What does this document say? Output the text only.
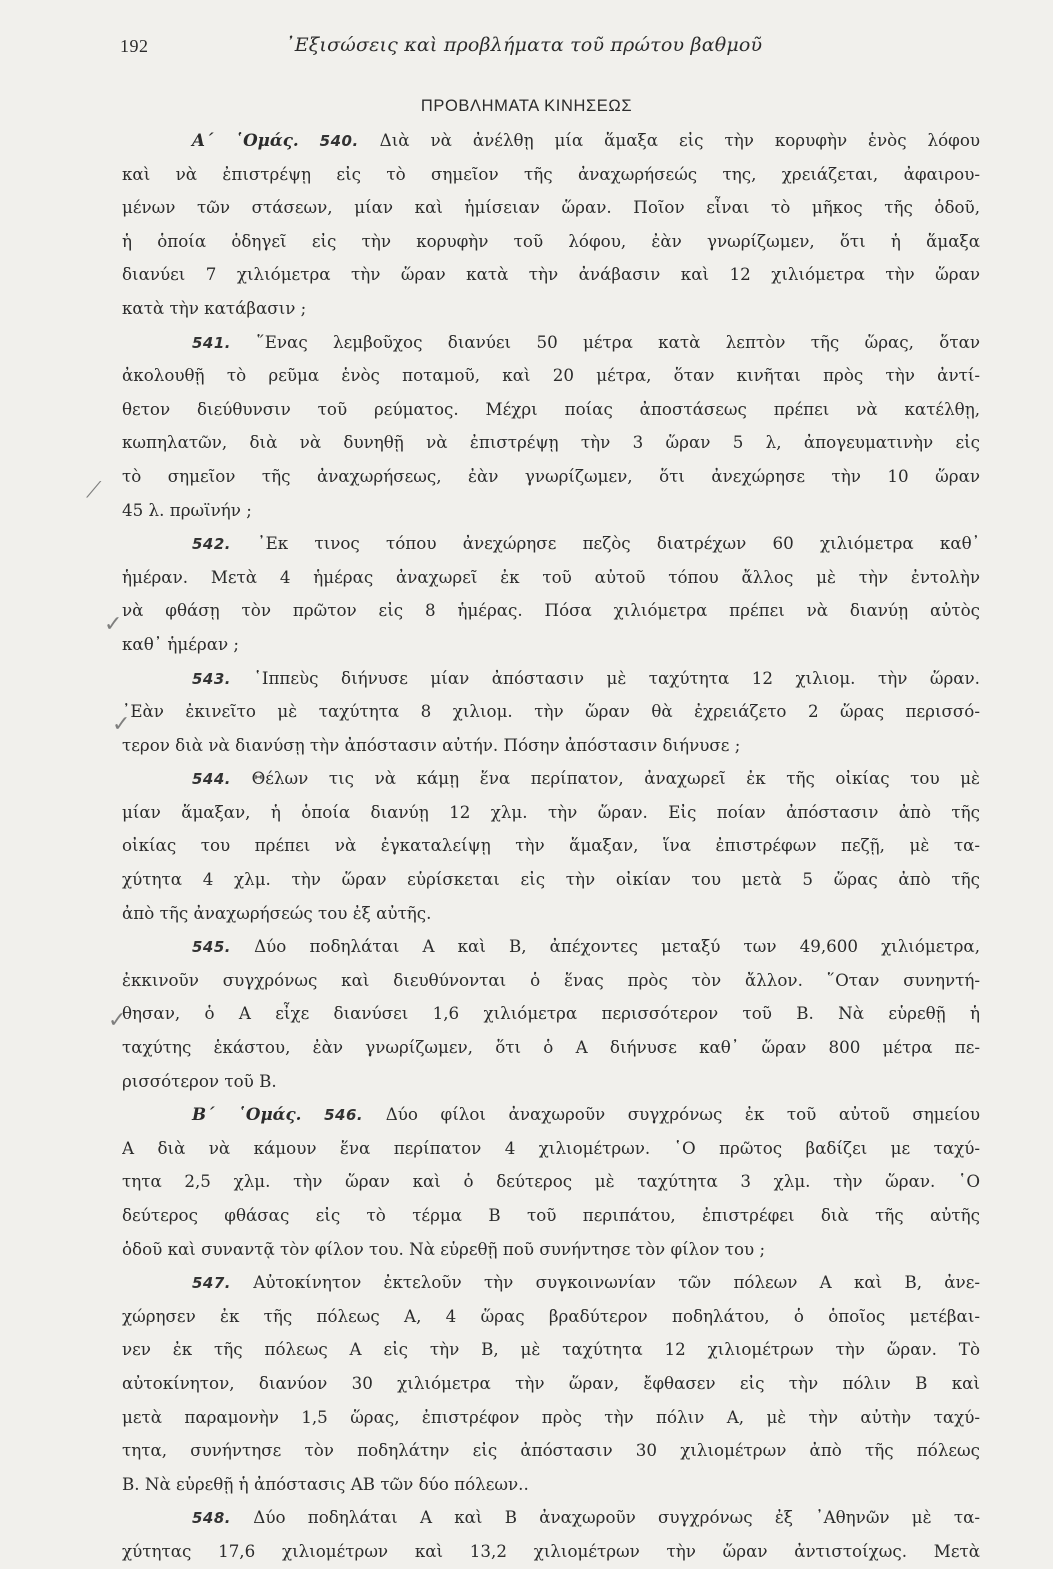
192	᾿Εξισώσεις καὶ προβλήματα τοῦ πρώτου βαθμοῦ
ΠΡΟΒΛΗΜΑΤΑ ΚΙΝΗΣΕΩΣ
⟋
✓
✓
✓
Α΄ ῾Ομάς. 540. Διὰ νὰ ἀνέλθῃ μία ἅμαξα εἰς τὴν κορυφὴν ἑνὸς λόφου
καὶ νὰ ἐπιστρέψῃ εἰς τὸ σημεῖον τῆς ἀναχωρήσεώς της, χρειάζεται, ἀφαιρου-
μένων τῶν στάσεων, μίαν καὶ ἡμίσειαν ὥραν. Ποῖον εἶναι τὸ μῆκος τῆς ὁδοῦ,
ἡ ὁποία ὁδηγεῖ εἰς τὴν κορυφὴν τοῦ λόφου, ἐὰν γνωρίζωμεν, ὅτι ἡ ἅμαξα
διανύει 7 χιλιόμετρα τὴν ὥραν κατὰ τὴν ἀνάβασιν καὶ 12 χιλιόμετρα τὴν ὥραν
κατὰ τὴν κατάβασιν ;
541. ῞Ενας λεμβοῦχος διανύει 50 μέτρα κατὰ λεπτὸν τῆς ὥρας, ὅταν
ἀκολουθῇ τὸ ρεῦμα ἑνὸς ποταμοῦ, καὶ 20 μέτρα, ὅταν κινῆται πρὸς τὴν ἀντί-
θετον διεύθυνσιν τοῦ ρεύματος. Μέχρι ποίας ἀποστάσεως πρέπει νὰ κατέλθῃ,
κωπηλατῶν, διὰ νὰ δυνηθῇ νὰ ἐπιστρέψῃ τὴν 3 ὥραν 5 λ, ἀπογευματινὴν εἰς
τὸ σημεῖον τῆς ἀναχωρήσεως, ἐὰν γνωρίζωμεν, ὅτι ἀνεχώρησε τὴν 10 ὥραν
45 λ. πρωϊνήν ;
542. ᾿Εκ τινος τόπου ἀνεχώρησε πεζὸς διατρέχων 60 χιλιόμετρα καθ᾿
ἡμέραν. Μετὰ 4 ἡμέρας ἀναχωρεῖ ἐκ τοῦ αὐτοῦ τόπου ἄλλος μὲ τὴν ἐντολὴν
νὰ φθάσῃ τὸν πρῶτον εἰς 8 ἡμέρας. Πόσα χιλιόμετρα πρέπει νὰ διανύῃ αὐτὸς
καθ᾿ ἡμέραν ;
543. ῾Ιππεὺς διήνυσε μίαν ἀπόστασιν μὲ ταχύτητα 12 χιλιομ. τὴν ὥραν.
᾿Εὰν ἐκινεῖτο μὲ ταχύτητα 8 χιλιομ. τὴν ὥραν θὰ ἐχρειάζετο 2 ὥρας περισσό-
τερον διὰ νὰ διανύσῃ τὴν ἀπόστασιν αὐτήν. Πόσην ἀπόστασιν διήνυσε ;
544. Θέλων τις νὰ κάμῃ ἕνα περίπατον, ἀναχωρεῖ ἐκ τῆς οἰκίας του μὲ
μίαν ἅμαξαν, ἡ ὁποία διανύῃ 12 χλμ. τὴν ὥραν. Εἰς ποίαν ἀπόστασιν ἀπὸ τῆς
οἰκίας του πρέπει νὰ ἐγκαταλείψῃ τὴν ἅμαξαν, ἵνα ἐπιστρέφων πεζῇ, μὲ τα-
χύτητα 4 χλμ. τὴν ὥραν εὑρίσκεται εἰς τὴν οἰκίαν του μετὰ 5 ὥρας ἀπὸ τῆς
ἀπὸ τῆς ἀναχωρήσεώς του ἐξ αὐτῆς.
545. Δύο ποδηλάται Α καὶ Β, ἀπέχοντες μεταξύ των 49,600 χιλιόμετρα,
ἐκκινοῦν συγχρόνως καὶ διευθύνονται ὁ ἕνας πρὸς τὸν ἄλλον. ῞Οταν συνηντή-
θησαν, ὁ Α εἶχε διανύσει 1,6 χιλιόμετρα περισσότερον τοῦ Β. Νὰ εὑρεθῇ ἡ
ταχύτης ἑκάστου, ἐὰν γνωρίζωμεν, ὅτι ὁ Α διήνυσε καθ᾿ ὥραν 800 μέτρα πε-
ρισσότερον τοῦ Β.
Β΄ ῾Ομάς. 546. Δύο φίλοι ἀναχωροῦν συγχρόνως ἐκ τοῦ αὐτοῦ σημείου
Α διὰ νὰ κάμουν ἕνα περίπατον 4 χιλιομέτρων. ῾Ο πρῶτος βαδίζει με ταχύ-
τητα 2,5 χλμ. τὴν ὥραν καὶ ὁ δεύτερος μὲ ταχύτητα 3 χλμ. τὴν ὥραν. ῾Ο
δεύτερος φθάσας εἰς τὸ τέρμα Β τοῦ περιπάτου, ἐπιστρέφει διὰ τῆς αὐτῆς
ὁδοῦ καὶ συναντᾷ τὸν φίλον του. Νὰ εὑρεθῇ ποῦ συνήντησε τὸν φίλον του ;
547. Αὐτοκίνητον ἐκτελοῦν τὴν συγκοινωνίαν τῶν πόλεων Α καὶ Β, ἀνε-
χώρησεν ἐκ τῆς πόλεως Α, 4 ὥρας βραδύτερον ποδηλάτου, ὁ ὁποῖος μετέβαι-
νεν ἐκ τῆς πόλεως Α εἰς τὴν Β, μὲ ταχύτητα 12 χιλιομέτρων τὴν ὥραν. Τὸ
αὐτοκίνητον, διανύον 30 χιλιόμετρα τὴν ὥραν, ἔφθασεν εἰς τὴν πόλιν Β καὶ
μετὰ παραμονὴν 1,5 ὥρας, ἐπιστρέφον πρὸς τὴν πόλιν Α, μὲ τὴν αὐτὴν ταχύ-
τητα, συνήντησε τὸν ποδηλάτην εἰς ἀπόστασιν 30 χιλιομέτρων ἀπὸ τῆς πόλεως
Β. Νὰ εὑρεθῇ ἡ ἀπόστασις ΑΒ τῶν δύο πόλεων..
548. Δύο ποδηλάται Α καὶ Β ἀναχωροῦν συγχρόνως ἐξ ᾿Αθηνῶν μὲ τα-
χύτητας 17,6 χιλιομέτρων καὶ 13,2 χιλιομέτρων τὴν ὥραν ἀντιστοίχως. Μετὰ
